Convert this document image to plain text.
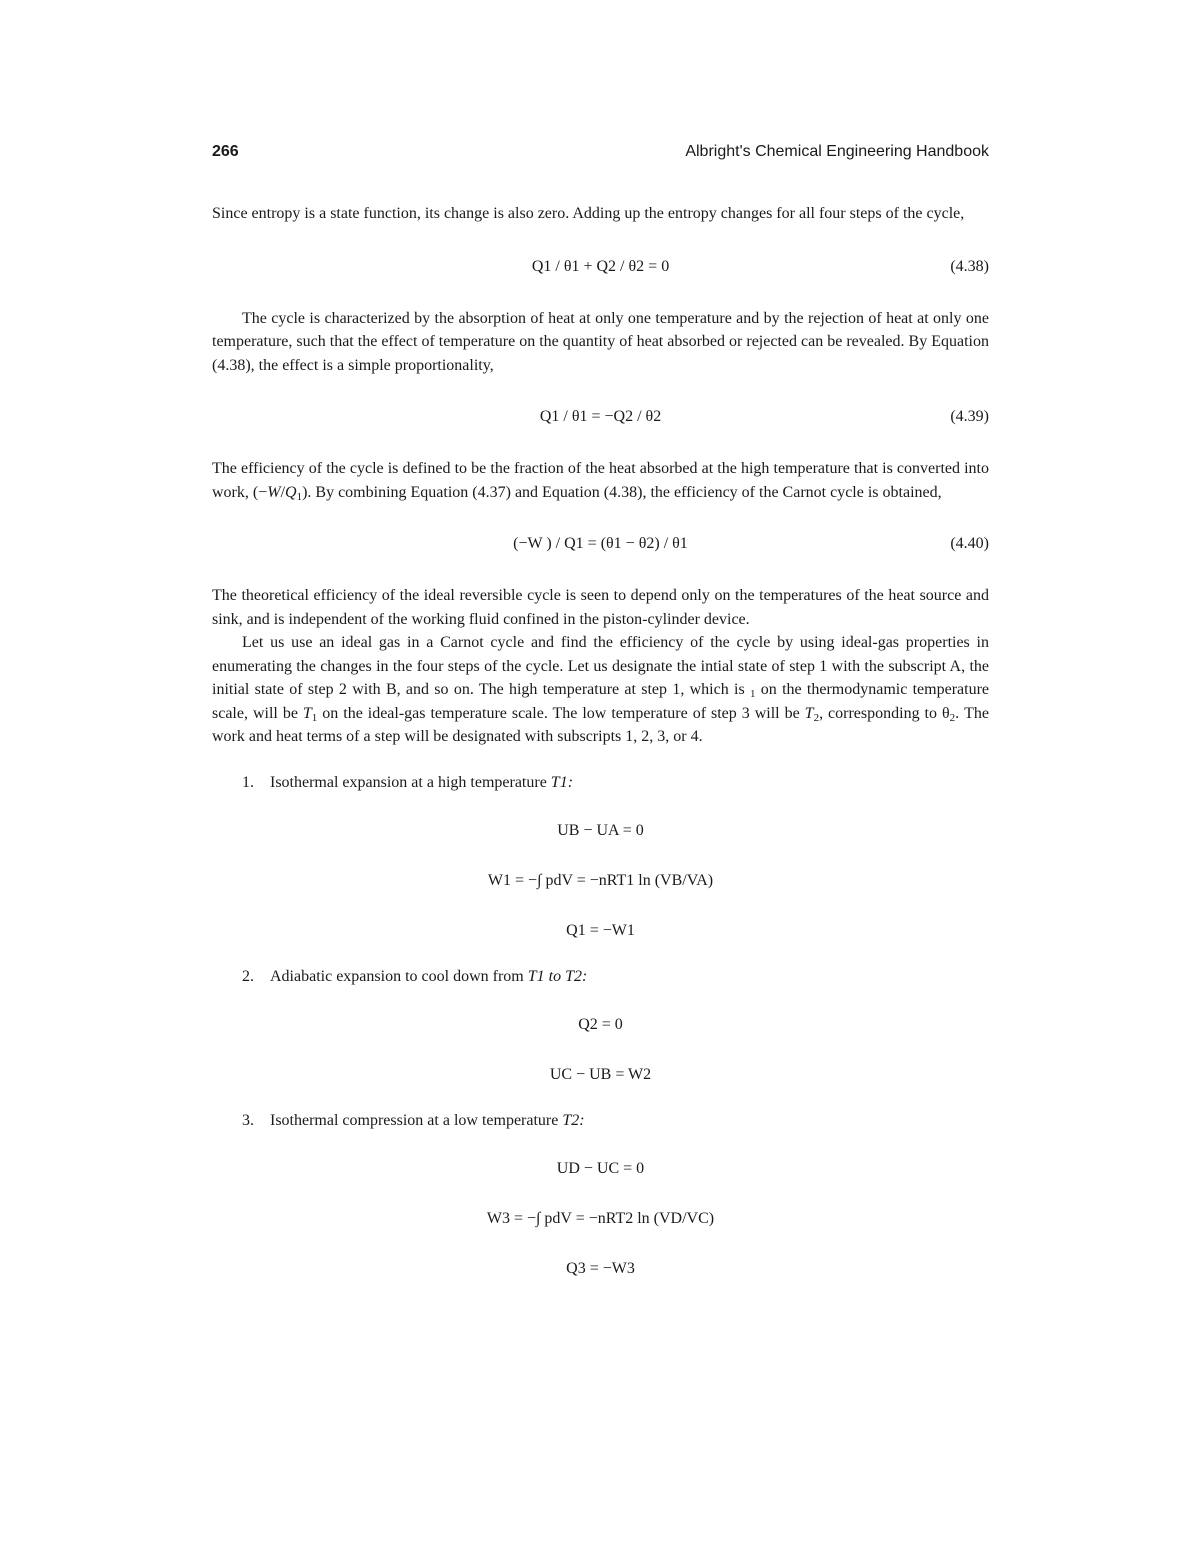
266	Albright's Chemical Engineering Handbook

Since entropy is a state function, its change is also zero. Adding up the entropy changes for all four steps of the cycle,

Q1 / θ1 + Q2 / θ2 = 0	(4.38)

The cycle is characterized by the absorption of heat at only one temperature and by the rejection of heat at only one temperature, such that the effect of temperature on the quantity of heat absorbed or rejected can be revealed. By Equation (4.38), the effect is a simple proportionality,

Q1 / θ1 = −Q2 / θ2	(4.39)

The efficiency of the cycle is defined to be the fraction of the heat absorbed at the high temperature that is converted into work, $(-W/Q_1)$. By combining Equation (4.37) and Equation (4.38), the efficiency of the Carnot cycle is obtained,

(−W ) / Q1 = (θ1 − θ2) / θ1	(4.40)

The theoretical efficiency of the ideal reversible cycle is seen to depend only on the temperatures of the heat source and sink, and is independent of the working fluid confined in the piston-cylinder device.

Let us use an ideal gas in a Carnot cycle and find the efficiency of the cycle by using ideal-gas properties in enumerating the changes in the four steps of the cycle. Let us designate the intial state of step 1 with the subscript A, the initial state of step 2 with B, and so on. The high temperature at step 1, which is $_1$ on the thermodynamic temperature scale, will be $T_1$ on the ideal-gas temperature scale. The low temperature of step 3 will be $T_2$, corresponding to $\theta_2$. The work and heat terms of a step will be designated with subscripts 1, 2, 3, or 4.

1. Isothermal expansion at a high temperature T1:
UB − UA = 0
W1 = −∫ pdV = −nRT1 ln (VB/VA)
Q1 = −W1
2. Adiabatic expansion to cool down from T1 to T2:
Q2 = 0
UC − UB = W2
3. Isothermal compression at a low temperature T2:
UD − UC = 0
W3 = −∫ pdV = −nRT2 ln (VD/VC)
Q3 = −W3
